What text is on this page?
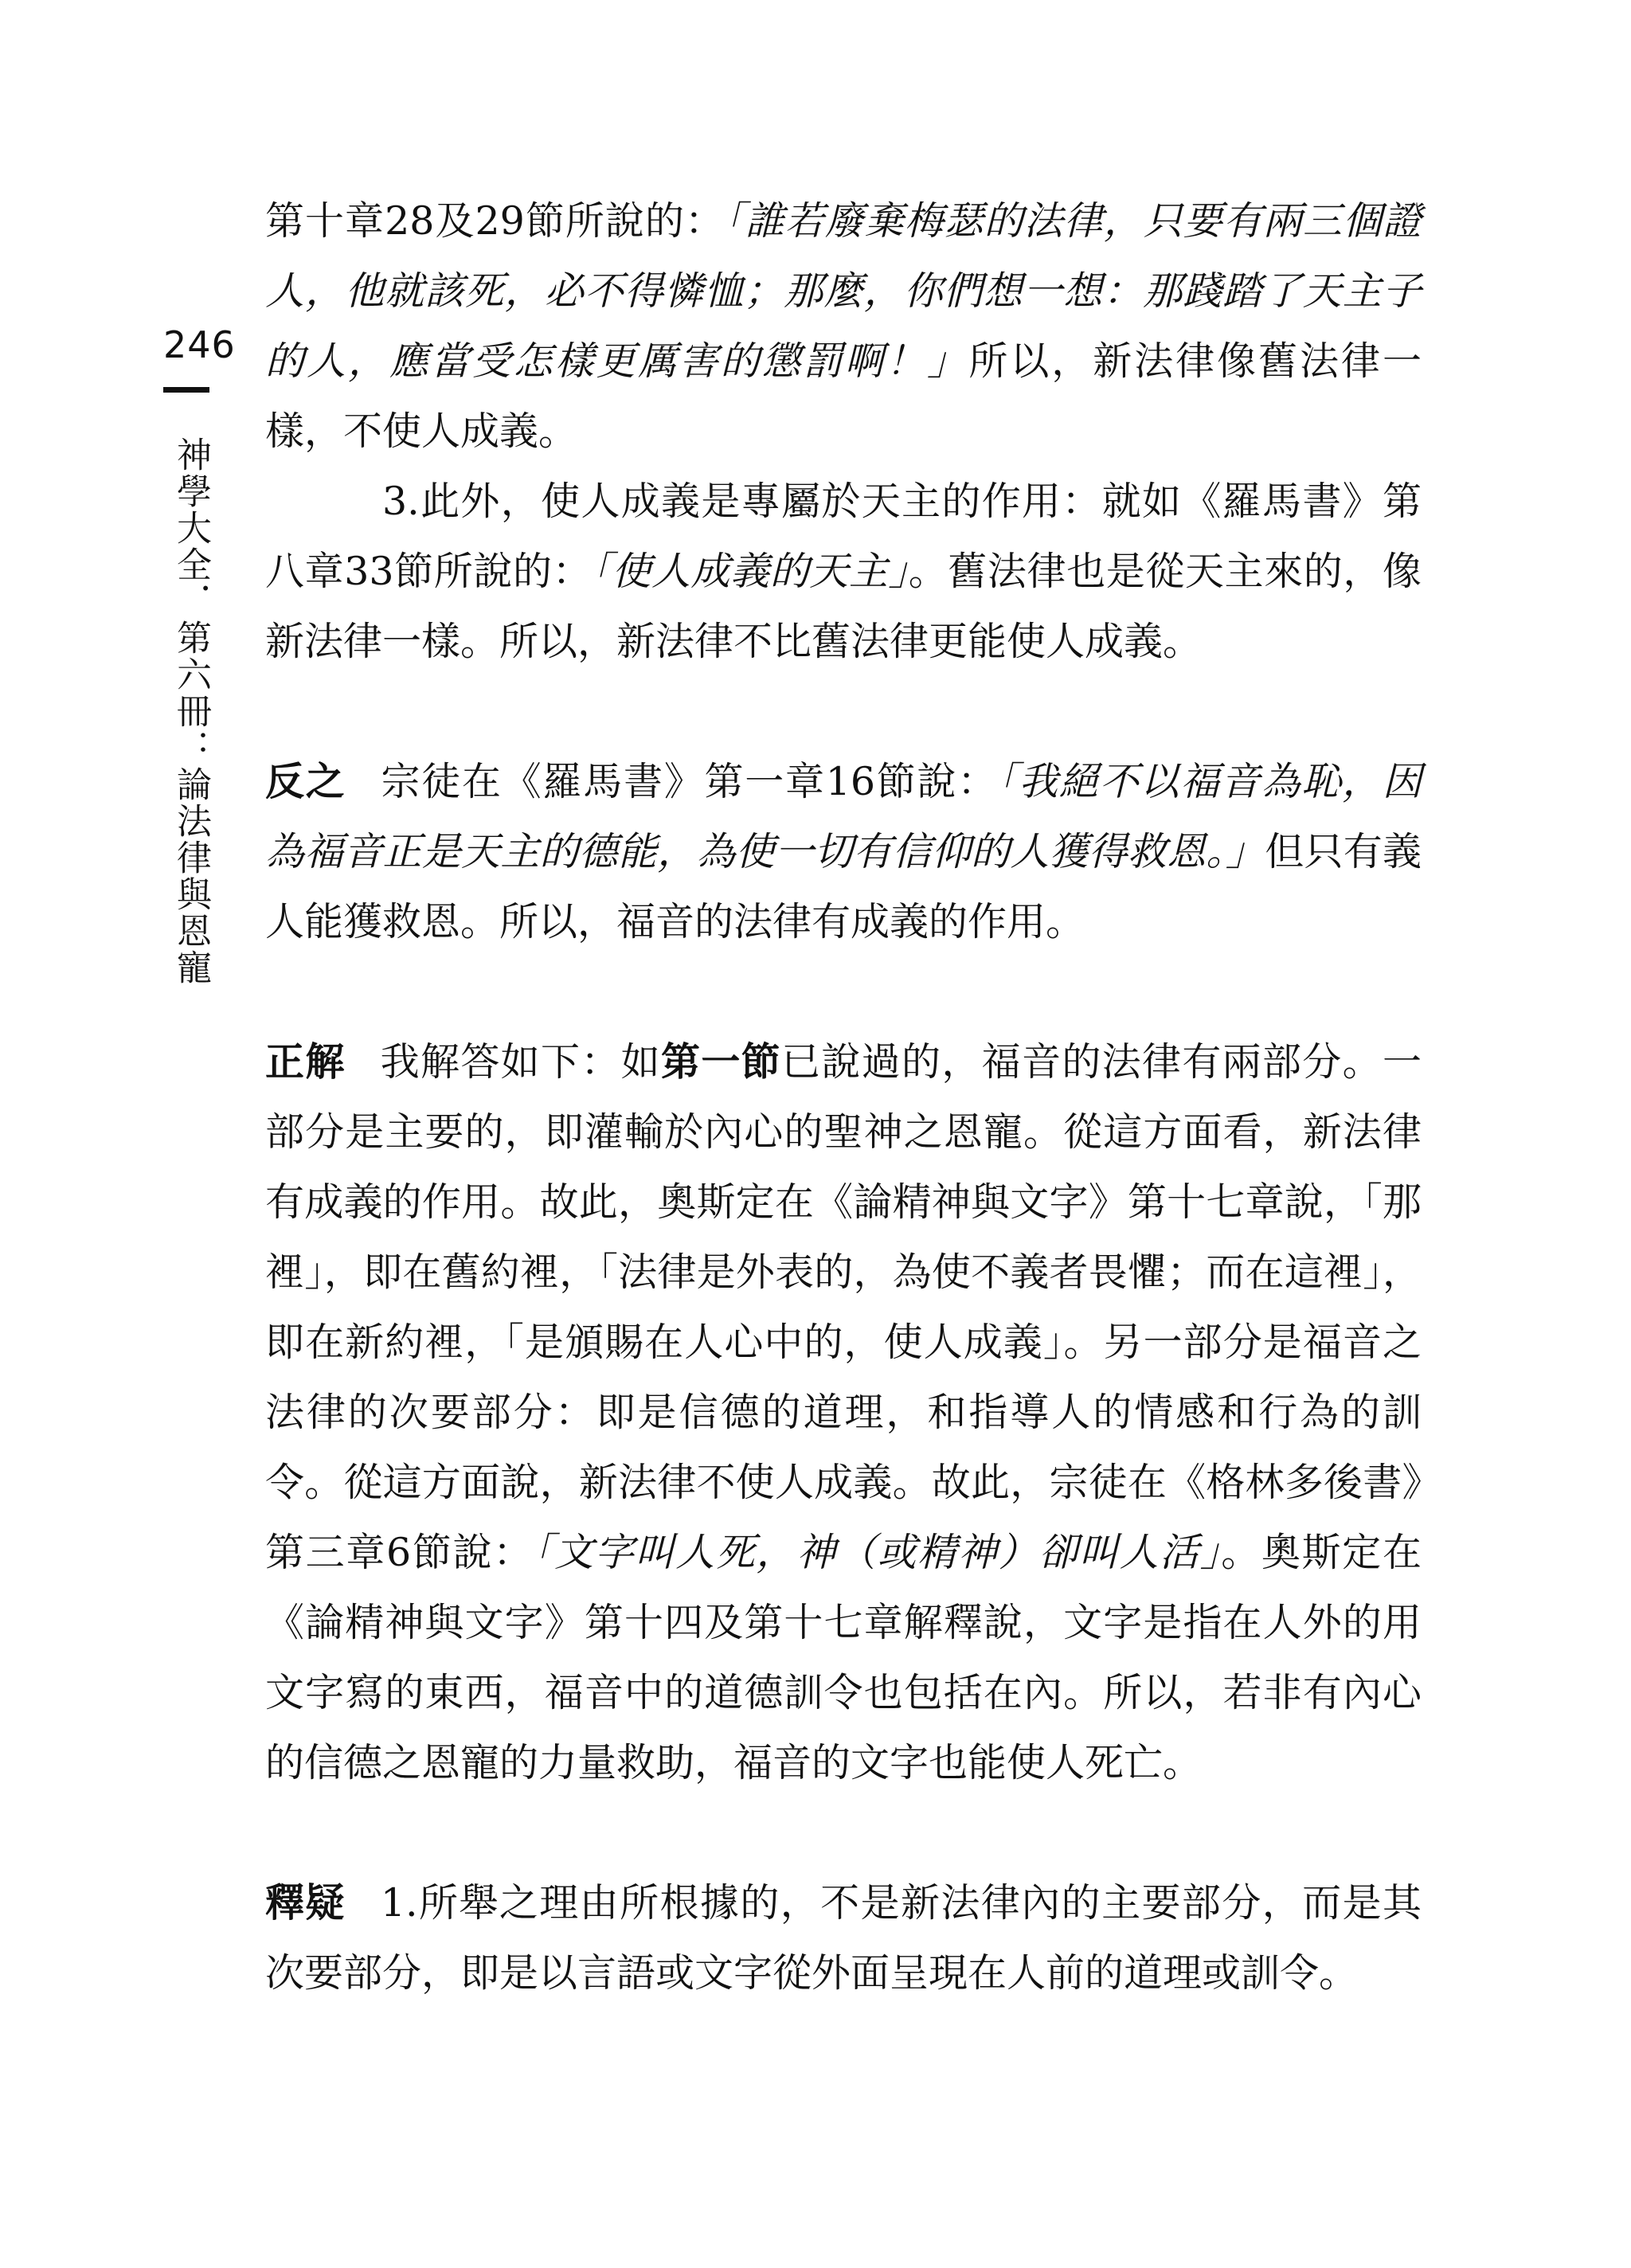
246
神學大全．第六冊：論法律與恩寵

第十章28及29節所說的：「誰若廢棄梅瑟的法律，只要有兩三個證人，他就該死，必不得憐恤；那麼，你們想一想：那踐踏了天主子的人，應當受怎樣更厲害的懲罰啊！」所以，新法律像舊法律一樣，不使人成義。

3.此外，使人成義是專屬於天主的作用：就如《羅馬書》第八章33節所說的：「使人成義的天主」。舊法律也是從天主來的，像新法律一樣。所以，新法律不比舊法律更能使人成義。

反之 宗徒在《羅馬書》第一章16節說：「我絕不以福音為恥，因為福音正是天主的德能，為使一切有信仰的人獲得救恩。」但只有義人能獲救恩。所以，福音的法律有成義的作用。

正解 我解答如下：如第一節已說過的，福音的法律有兩部分。一部分是主要的，即灌輸於內心的聖神之恩寵。從這方面看，新法律有成義的作用。故此，奧斯定在《論精神與文字》第十七章說，「那裡」，即在舊約裡，「法律是外表的，為使不義者畏懼；而在這裡」，即在新約裡，「是頒賜在人心中的，使人成義」。另一部分是福音之法律的次要部分：即是信德的道理，和指導人的情感和行為的訓令。從這方面說，新法律不使人成義。故此，宗徒在《格林多後書》第三章6節說：「文字叫人死，神（或精神）卻叫人活」。奧斯定在《論精神與文字》第十四及第十七章解釋說，文字是指在人外的用文字寫的東西，福音中的道德訓令也包括在內。所以，若非有內心的信德之恩寵的力量救助，福音的文字也能使人死亡。

釋疑 1.所舉之理由所根據的，不是新法律內的主要部分，而是其次要部分，即是以言語或文字從外面呈現在人前的道理或訓令。
